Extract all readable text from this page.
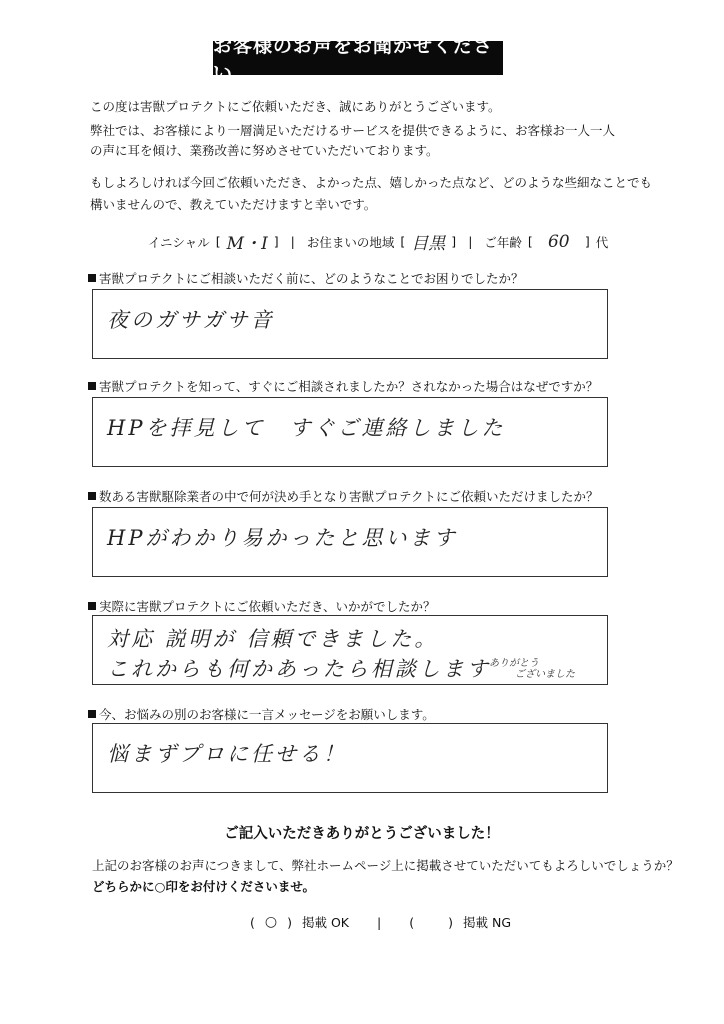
お客様のお声をお聞かせください
この度は害獣プロテクトにご依頼いただき、誠にありがとうございます。
弊社では、お客様により一層満足いただけるサービスを提供できるように、お客様お一人一人
の声に耳を傾け、業務改善に努めさせていただいております。
もしよろしければ今回ご依頼いただき、よかった点、嬉しかった点など、どのような些細なことでも
構いませんので、教えていただけますと幸いです。
イニシャル [ M・I ] | お住まいの地域 [ 目黒 ] | ご年齢 [ 60	] 代
害獣プロテクトにご相談いただく前に、どのようなことでお困りでしたか？
夜のガサガサ音
害獣プロテクトを知って、すぐにご相談されましたか？されなかった場合はなぜですか？
HPを拝見して　すぐご連絡しました
数ある害獣駆除業者の中で何が決め手となり害獣プロテクトにご依頼いただけましたか？
HPがわかり易かったと思います
実際に害獣プロテクトにご依頼いただき、いかがでしたか？
対応 説明が 信頼できました。
これからも何かあったら相談します
ありがとう
ございました
今、お悩みの別のお客様に一言メッセージをお願いします。
悩まずプロに任せる！
ご記入いただきありがとうございました！
上記のお客様のお声につきまして、弊社ホームページ上に掲載させていただいてもよろしいでしょうか？
どちらかに○印をお付けくださいませ。
( ○ ) 掲載 OK | (	) 掲載 NG
